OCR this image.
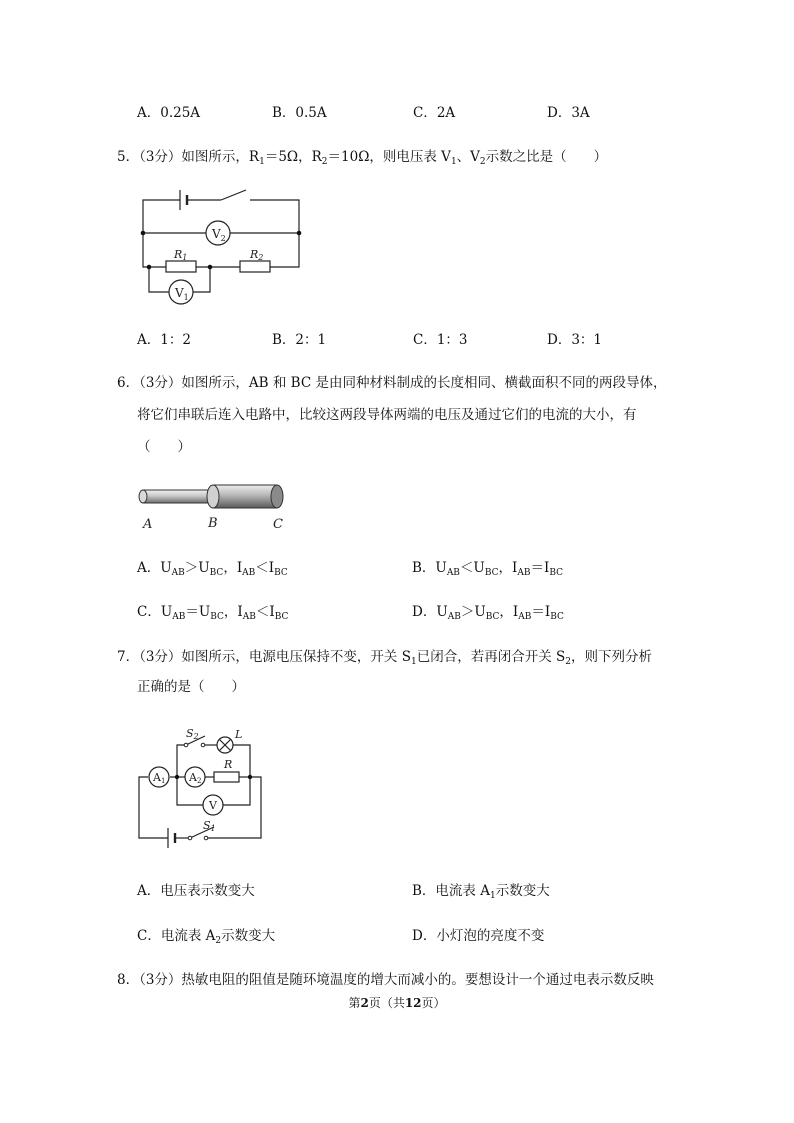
A．0.25A	B．0.5A	C．2A	D．3A
5．（3分）如图所示，$R_1=5\Omega$，$R_2=10\Omega$，则电压表 $V_1$、$V_2$示数之比是（　　）
R1	R2
$V_2$
$V_1$
A．1：2	B．2：1	C．1：3	D．3：1
6．（3分）如图所示，AB 和 BC 是由同种材料制成的长度相同、横截面积不同的两段导体，
将它们串联后连入电路中，比较这两段导体两端的电压及通过它们的电流的大小，有
（　　）
A	B	C
A．$U_{AB}>U_{BC}$，$I_{AB}<I_{BC}$	B．$U_{AB}<U_{BC}$，$I_{AB}=I_{BC}$
C．$U_{AB}=U_{BC}$，$I_{AB}<I_{BC}$	D．$U_{AB}>U_{BC}$，$I_{AB}=I_{BC}$
7．（3分）如图所示，电源电压保持不变，开关 $S_1$已闭合，若再闭合开关 $S_2$，则下列分析
正确的是（　　）
S2	L
R
A1 A2
V
S1
A．电压表示数变大	B．电流表 $A_1$示数变大
C．电流表 $A_2$示数变大	D．小灯泡的亮度不变
8．（3分）热敏电阻的阻值是随环境温度的增大而减小的。要想设计一个通过电表示数反映
第2页（共12页）
